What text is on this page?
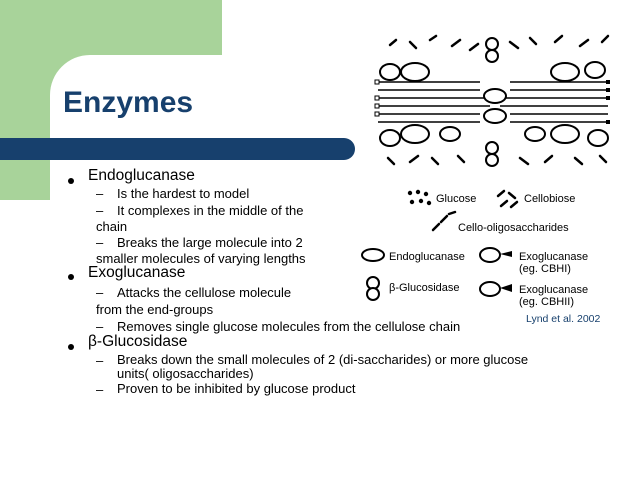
Enzymes
Endoglucanase
– Is the hardest to model
– It complexes in the middle of the
chain
– Breaks the large molecule into 2
smaller molecules of varying lengths
Exoglucanase
– Attacks the cellulose molecule
from the end-groups
– Removes single glucose molecules from the cellulose chain
β-Glucosidase
– Breaks down the small molecules of 2 (di-saccharides) or more glucose
units( oligosaccharides)
– Proven to be inhibited by glucose product
Glucose	Cellobiose
Cello-oligosaccharides
Endoglucanase	Exoglucanase
(eg. CBHI)
β-Glucosidase	Exoglucanase
(eg. CBHII)
Lynd et al. 2002
